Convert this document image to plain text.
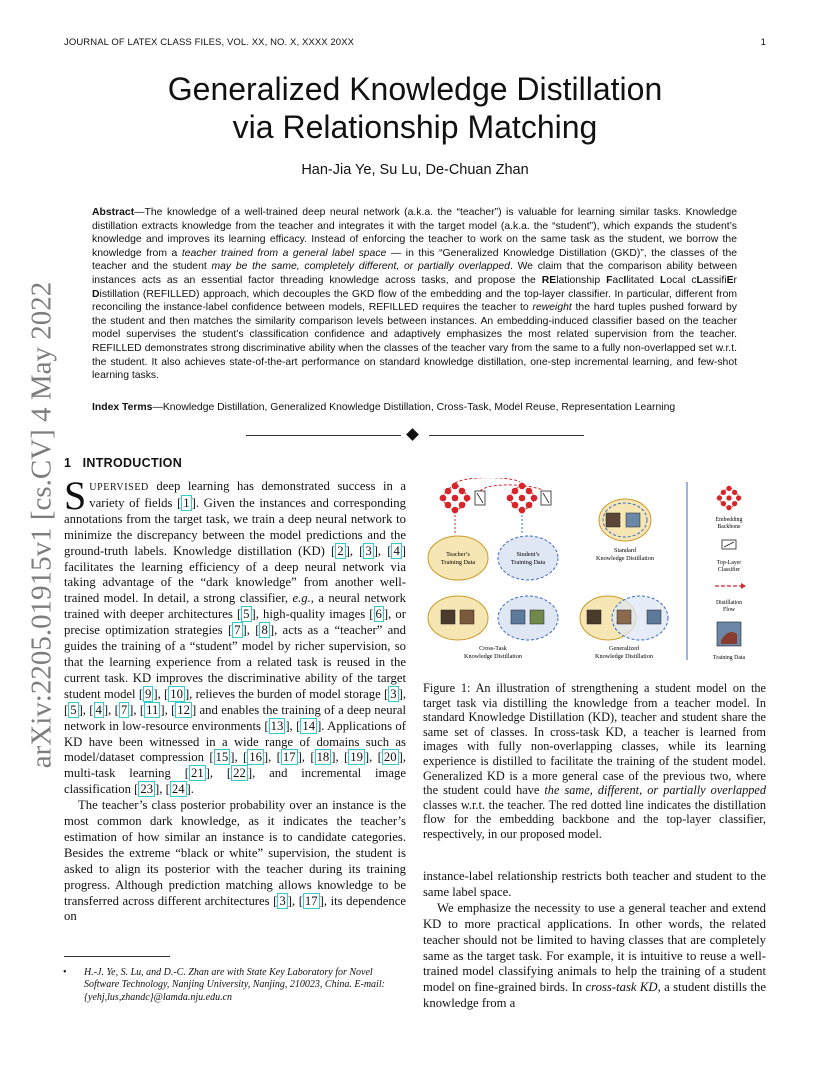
JOURNAL OF LATEX CLASS FILES, VOL. XX, NO. X, XXXX 20XX	1
arXiv:2205.01915v1 [cs.CV] 4 May 2022
Generalized Knowledge Distillation
via Relationship Matching
Han-Jia Ye, Su Lu, De-Chuan Zhan
Abstract—The knowledge of a well-trained deep neural network (a.k.a. the “teacher”) is valuable for learning similar tasks. Knowledge distillation extracts knowledge from the teacher and integrates it with the target model (a.k.a. the “student”), which expands the student’s knowledge and improves its learning efficacy. Instead of enforcing the teacher to work on the same task as the student, we borrow the knowledge from a teacher trained from a general label space — in this “Generalized Knowledge Distillation (GKD)”, the classes of the teacher and the student may be the same, completely different, or partially overlapped. We claim that the comparison ability between instances acts as an essential factor threading knowledge across tasks, and propose the RElationship FacIlitated Local cLassifiEr Distillation (REFILLED) approach, which decouples the GKD flow of the embedding and the top-layer classifier. In particular, different from reconciling the instance-label confidence between models, REFILLED requires the teacher to reweight the hard tuples pushed forward by the student and then matches the similarity comparison levels between instances. An embedding-induced classifier based on the teacher model supervises the student’s classification confidence and adaptively emphasizes the most related supervision from the teacher. REFILLED demonstrates strong discriminative ability when the classes of the teacher vary from the same to a fully non-overlapped set w.r.t. the student. It also achieves state-of-the-art performance on standard knowledge distillation, one-step incremental learning, and few-shot learning tasks.
Index Terms—Knowledge Distillation, Generalized Knowledge Distillation, Cross-Task, Model Reuse, Representation Learning
1 INTRODUCTION

SUPERVISED deep learning has demonstrated success in a variety of fields [ 1 ]. Given the instances and corresponding annotations from the target task, we train a deep neural network to minimize the discrepancy between the model predictions and the ground-truth labels. Knowledge distillation (KD) [ 2 ], [ 3 ], [ 4 ] facilitates the learning efficiency of a deep neural network via taking advantage of the “dark knowledge” from another well-trained model. In detail, a strong classifier, e.g., a neural network trained with deeper architectures [ 5 ], high-quality images [ 6 ], or precise optimization strategies [ 7 ], [ 8 ], acts as a “teacher” and guides the training of a “student” model by richer supervision, so that the learning experience from a related task is reused in the current task. KD improves the discriminative ability of the target student model [ 9 ], [ 10 ], relieves the burden of model storage [ 3 ], [ 5 ], [ 4 ], [ 7 ], [ 11 ], [ 12 ] and enables the training of a deep neural network in low-resource environments [ 13 ], [ 14 ]. Applications of KD have been witnessed in a wide range of domains such as model/dataset compression [ 15 ], [ 16 ], [ 17 ], [ 18 ], [ 19 ], [ 20 ], multi-task learning [ 21 ], [ 22 ], and incremental image classification [ 23 ], [ 24 ].

The teacher’s class posterior probability over an instance is the most common dark knowledge, as it indicates the teacher’s estimation of how similar an instance is to candidate categories. Besides the extreme “black or white” supervision, the student is asked to align its posterior with the teacher during its training progress. Although prediction matching allows knowledge to be transferred across different architectures [ 3 ], [ 17 ], its dependence on

• H.-J. Ye, S. Lu, and D.-C. Zhan are with State Key Laboratory for Novel Software Technology, Nanjing University, Nanjing, 210023, China. E-mail: {yehj,lus,zhandc}@lamda.nju.edu.cn
Teacher’s
Training Data
Student’s
Training Data
Standard
Knowledge Distillation
Cross-Task
Knowledge Distillation
Generalized
Knowledge Distillation
Embedding
Backbone
Top-Layer
Classifier
Distillation
Flow
Training Data
Figure 1: An illustration of strengthening a student model on the target task via distilling the knowledge from a teacher model. In standard Knowledge Distillation (KD), teacher and student share the same set of classes. In cross-task KD, a teacher is learned from images with fully non-overlapping classes, while its learning experience is distilled to facilitate the training of the student model. Generalized KD is a more general case of the previous two, where the student could have the same, different, or partially overlapped classes w.r.t. the teacher. The red dotted line indicates the distillation flow for the embedding backbone and the top-layer classifier, respectively, in our proposed model.

instance-label relationship restricts both teacher and student to the same label space.

We emphasize the necessity to use a general teacher and extend KD to more practical applications. In other words, the related teacher should not be limited to having classes that are completely same as the target task. For example, it is intuitive to reuse a well-trained model classifying animals to help the training of a student model on fine-grained birds. In cross-task KD, a student distills the knowledge from a
